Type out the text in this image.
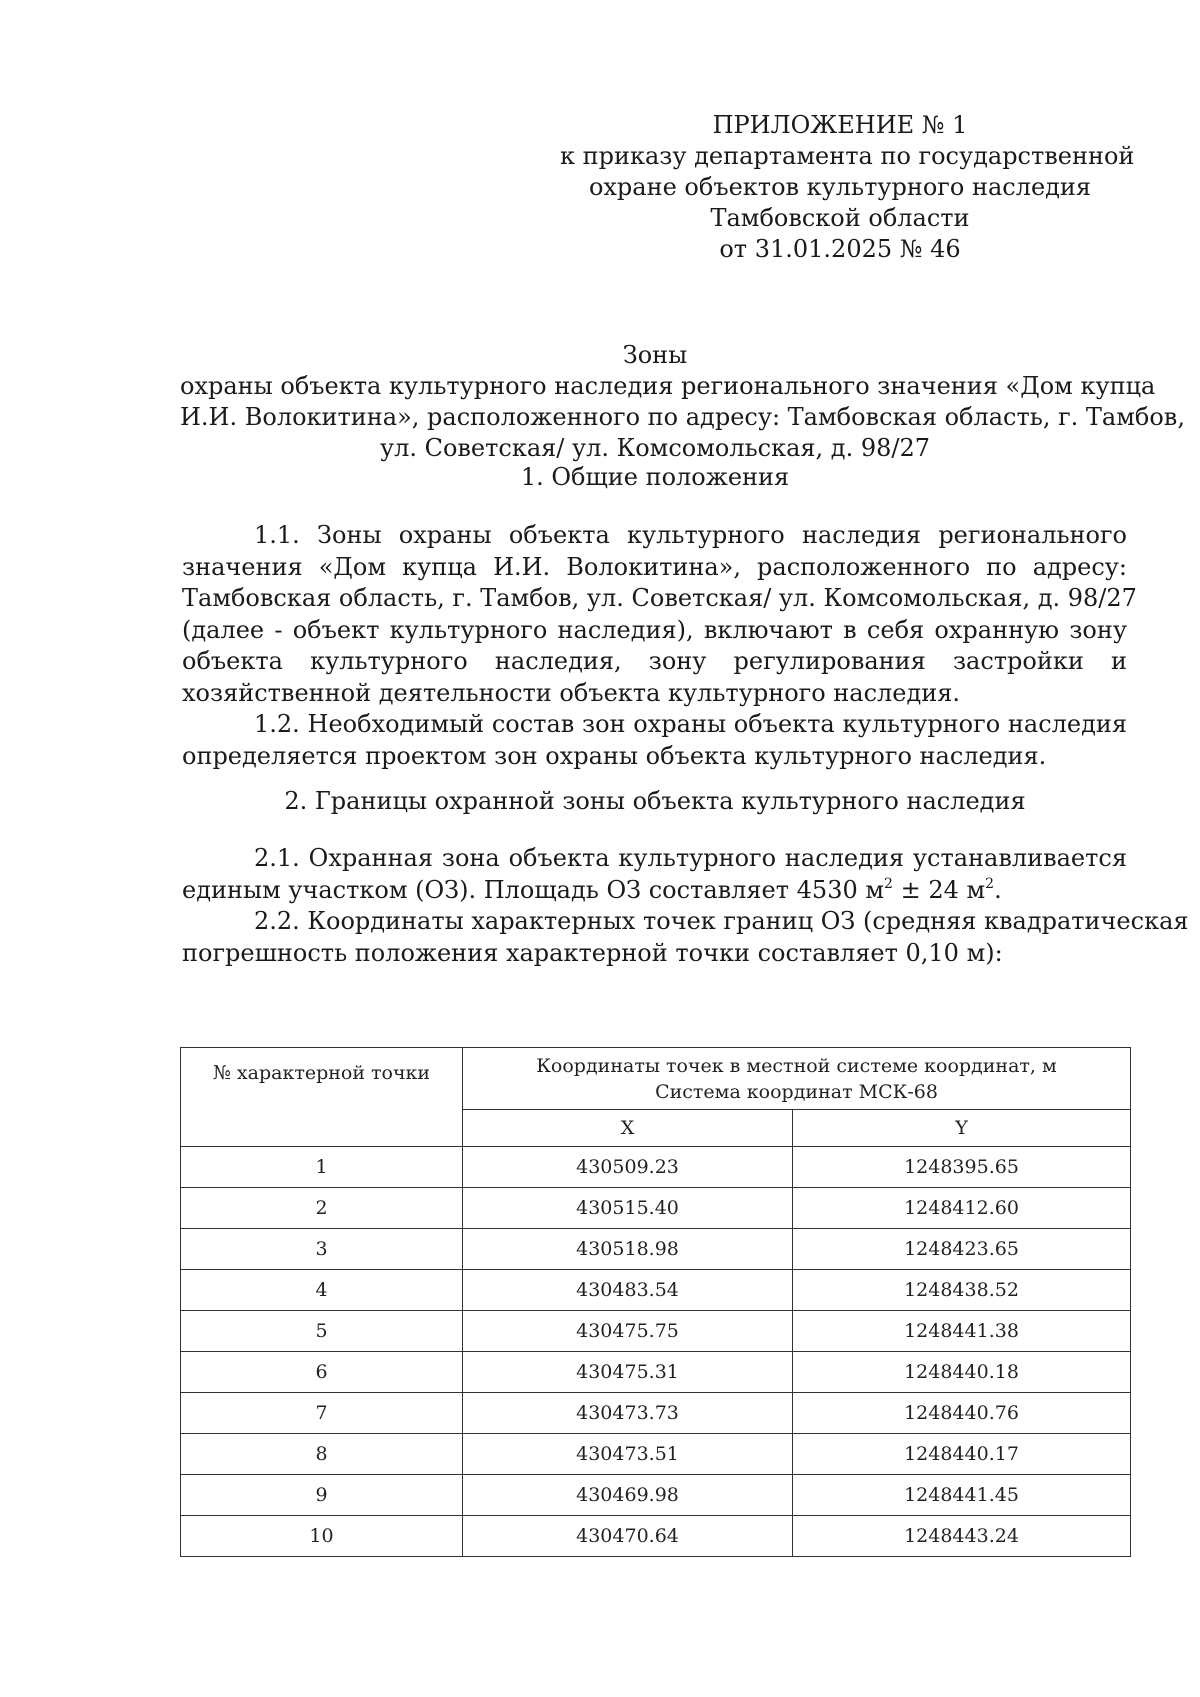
ПРИЛОЖЕНИЕ № 1
к приказу департамента по государственной
охране объектов культурного наследия
Тамбовской области
от 31.01.2025 № 46
Зоны
охраны объекта культурного наследия регионального значения «Дом купца
И.И. Волокитина», расположенного по адресу: Тамбовская область, г. Тамбов,
ул. Советская/ ул. Комсомольская, д. 98/27
1. Общие положения
1.1. Зоны охраны объекта культурного наследия регионального
значения «Дом купца И.И. Волокитина», расположенного по адресу:
Тамбовская область, г. Тамбов, ул. Советская/ ул. Комсомольская, д. 98/27
(далее - объект культурного наследия), включают в себя охранную зону
объекта культурного наследия, зону регулирования застройки и
хозяйственной деятельности объекта культурного наследия.
1.2. Необходимый состав зон охраны объекта культурного наследия
определяется проектом зон охраны объекта культурного наследия.
2. Границы охранной зоны объекта культурного наследия
2.1. Охранная зона объекта культурного наследия устанавливается
единым участком (ОЗ). Площадь ОЗ составляет 4530 $м^2 \pm 24$ $м^2$.
2.2. Координаты характерных точек границ ОЗ (средняя квадратическая
погрешность положения характерной точки составляет 0,10 м):
№ характерной точки	Координаты точек в местной системе координат, м
Система координат МСК-68	

	X	Y
1	430509.23	1248395.65
2	430515.40	1248412.60
3	430518.98	1248423.65
4	430483.54	1248438.52
5	430475.75	1248441.38
6	430475.31	1248440.18
7	430473.73	1248440.76
8	430473.51	1248440.17
9	430469.98	1248441.45
10	430470.64	1248443.24
